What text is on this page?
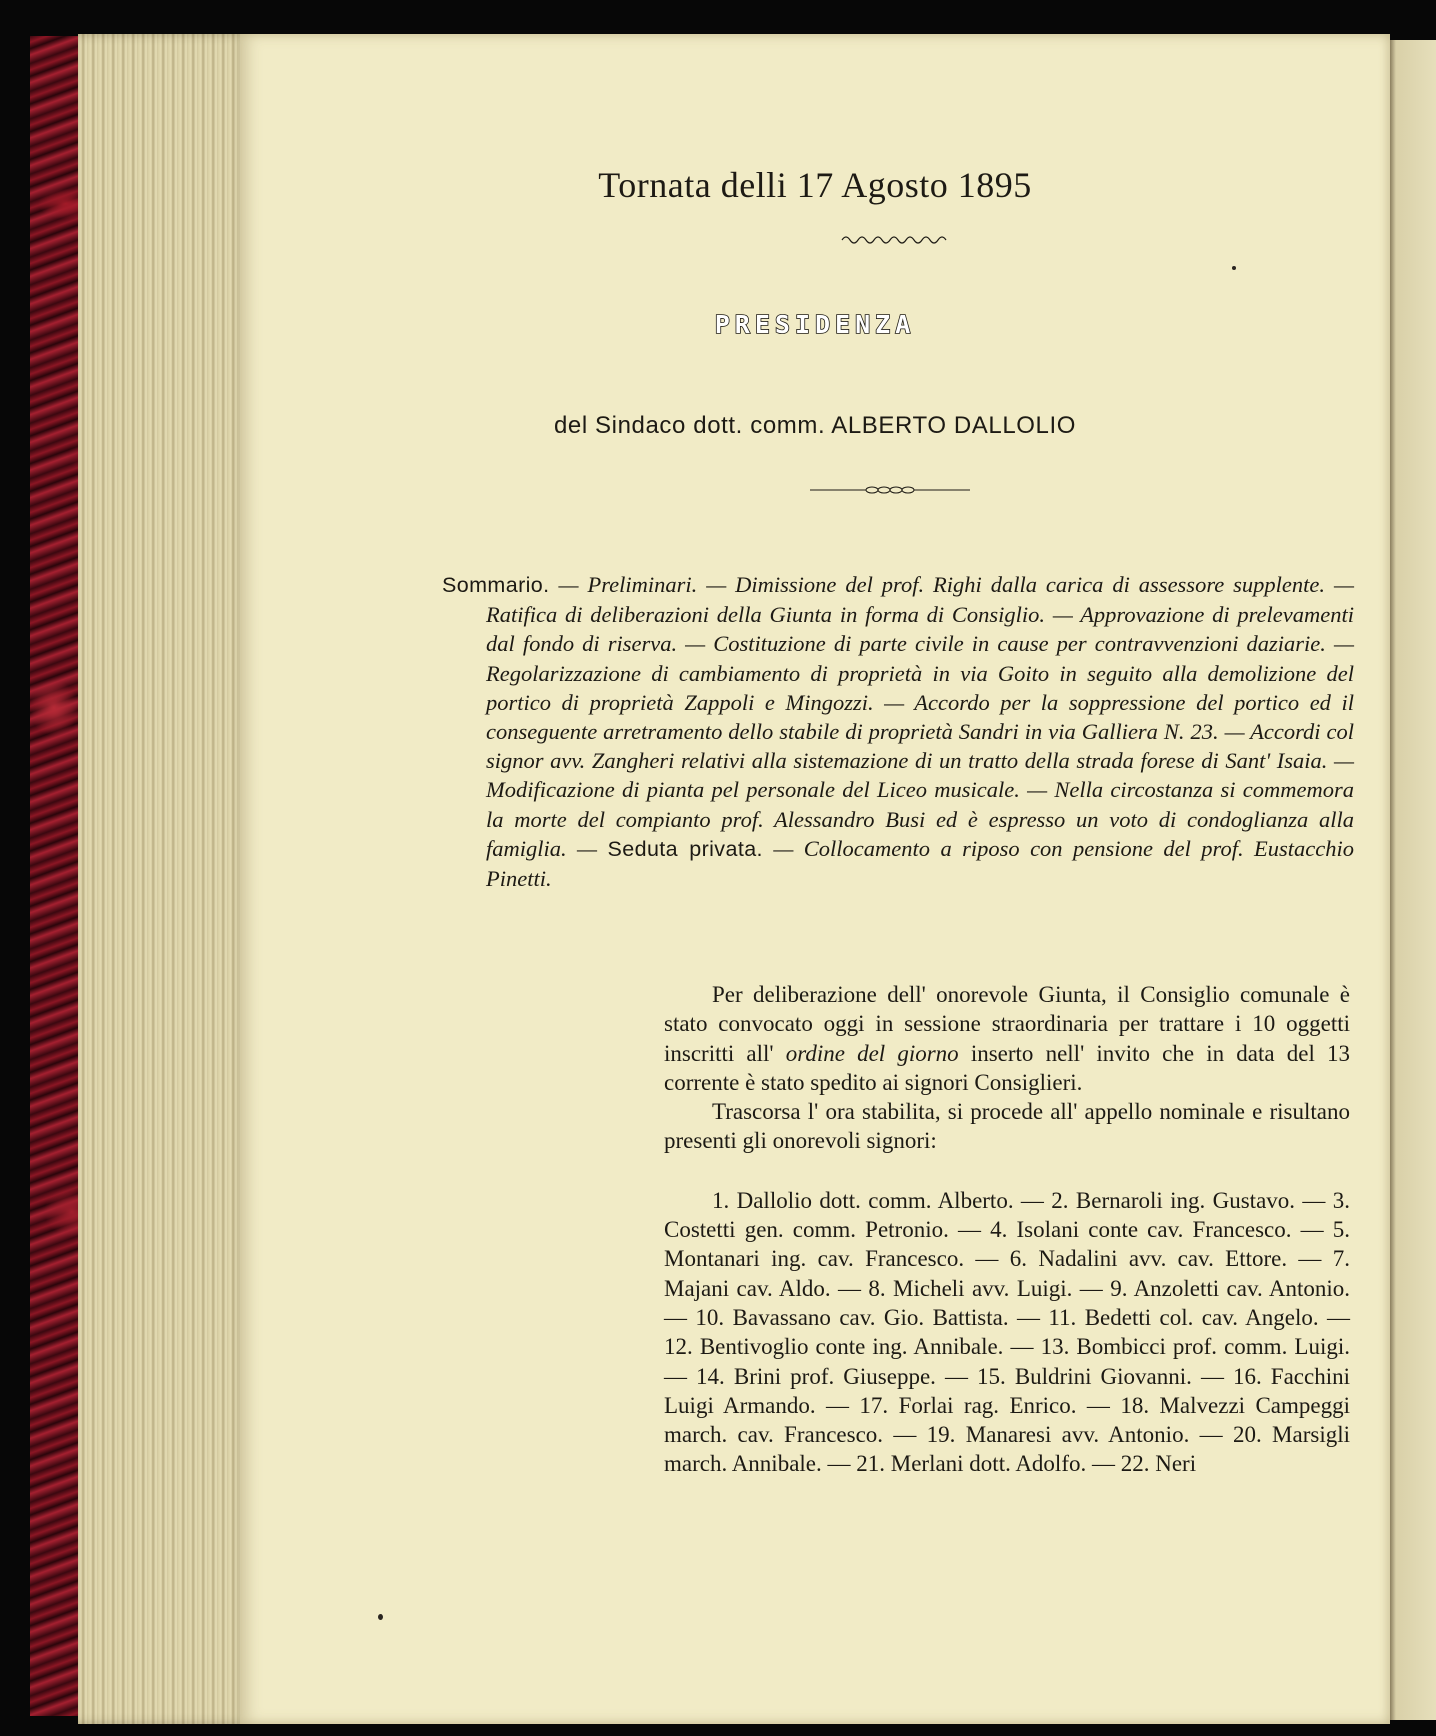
Tornata delli 17 Agosto 1895
PRESIDENZA
del Sindaco dott. comm. ALBERTO DALLOLIO
Sommario. — Preliminari. — Dimissione del prof. Righi dalla carica di assessore supplente. — Ratifica di deliberazioni della Giunta in forma di Consiglio. — Approvazione di prelevamenti dal fondo di riserva. — Costituzione di parte civile in cause per contravvenzioni daziarie. — Regolarizzazione di cambiamento di proprietà in via Goito in seguito alla demolizione del portico di proprietà Zappoli e Mingozzi. — Accordo per la soppressione del portico ed il conseguente arretramento dello stabile di proprietà Sandri in via Galliera N. 23. — Accordi col signor avv. Zangheri relativi alla sistemazione di un tratto della strada forese di Sant' Isaia. — Modificazione di pianta pel personale del Liceo musicale. — Nella circostanza si commemora la morte del compianto prof. Alessandro Busi ed è espresso un voto di condoglianza alla famiglia. — Seduta privata. — Collocamento a riposo con pensione del prof. Eustacchio Pinetti.

Per deliberazione dell' onorevole Giunta, il Consiglio comunale è stato convocato oggi in sessione straordinaria per trattare i 10 oggetti inscritti all' ordine del giorno inserto nell' invito che in data del 13 corrente è stato spedito ai signori Consiglieri.

Trascorsa l' ora stabilita, si procede all' appello nominale e risultano presenti gli onorevoli signori:

1. Dallolio dott. comm. Alberto. — 2. Bernaroli ing. Gustavo. — 3. Costetti gen. comm. Petronio. — 4. Isolani conte cav. Francesco. — 5. Montanari ing. cav. Francesco. — 6. Nadalini avv. cav. Ettore. — 7. Majani cav. Aldo. — 8. Micheli avv. Luigi. — 9. Anzoletti cav. Antonio. — 10. Bavassano cav. Gio. Battista. — 11. Bedetti col. cav. Angelo. — 12. Bentivoglio conte ing. Annibale. — 13. Bombicci prof. comm. Luigi. — 14. Brini prof. Giuseppe. — 15. Buldrini Giovanni. — 16. Facchini Luigi Armando. — 17. Forlai rag. Enrico. — 18. Malvezzi Campeggi march. cav. Francesco. — 19. Manaresi avv. Antonio. — 20. Marsigli march. Annibale. — 21. Merlani dott. Adolfo. — 22. Neri
